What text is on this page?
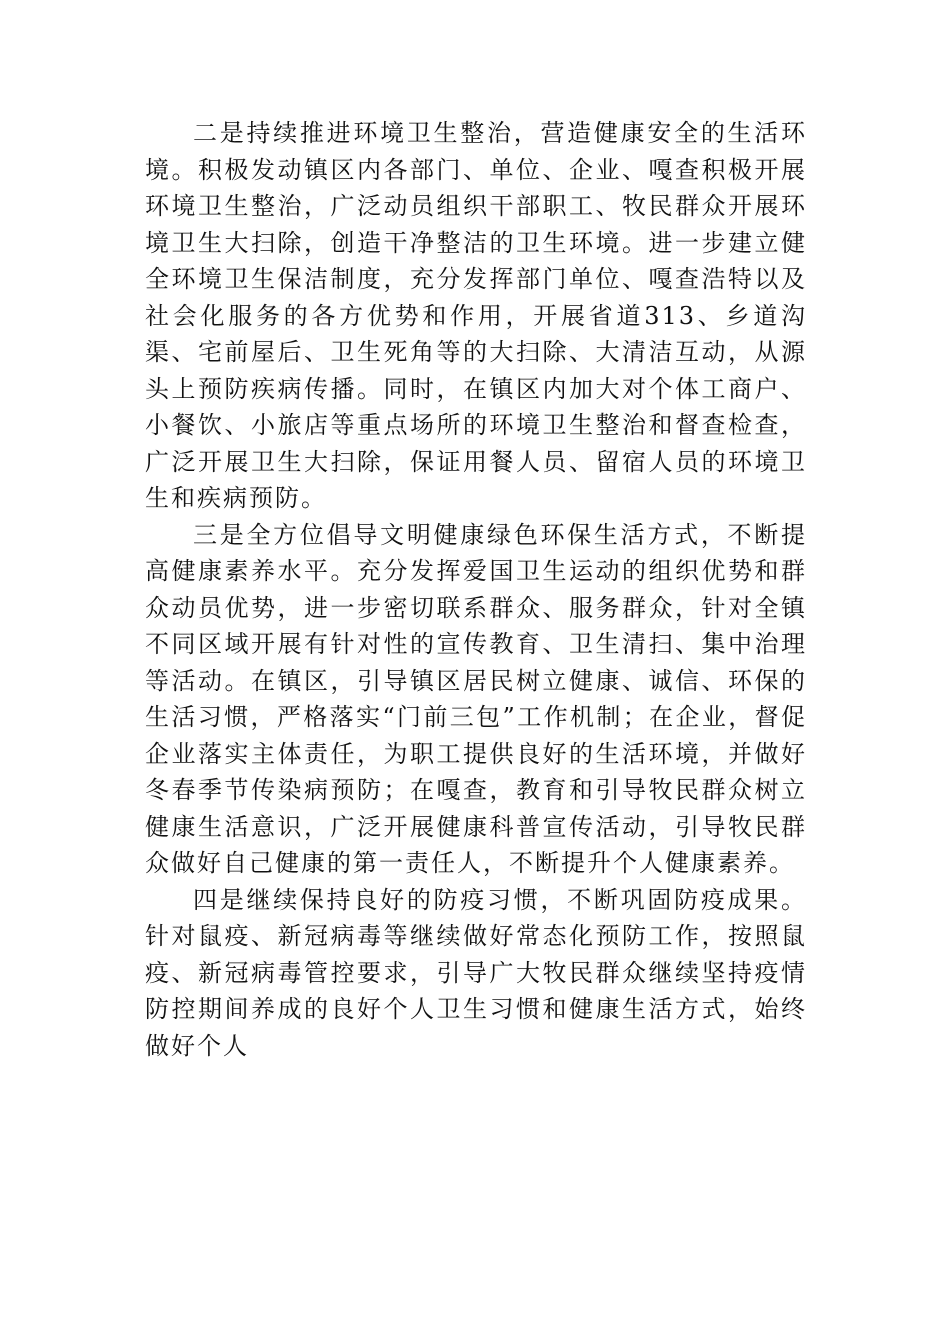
二是持续推进环境卫生整治，营造健康安全的生活环境。积极发动镇区内各部门、单位、企业、嘎查积极开展环境卫生整治，广泛动员组织干部职工、牧民群众开展环境卫生大扫除，创造干净整洁的卫生环境。进一步建立健全环境卫生保洁制度，充分发挥部门单位、嘎查浩特以及社会化服务的各方优势和作用，开展省道313、乡道沟渠、宅前屋后、卫生死角等的大扫除、大清洁互动，从源头上预防疾病传播。同时，在镇区内加大对个体工商户、小餐饮、小旅店等重点场所的环境卫生整治和督查检查，广泛开展卫生大扫除，保证用餐人员、留宿人员的环境卫生和疾病预防。

三是全方位倡导文明健康绿色环保生活方式，不断提高健康素养水平。充分发挥爱国卫生运动的组织优势和群众动员优势，进一步密切联系群众、服务群众，针对全镇不同区域开展有针对性的宣传教育、卫生清扫、集中治理等活动。在镇区，引导镇区居民树立健康、诚信、环保的生活习惯，严格落实“门前三包”工作机制；在企业，督促企业落实主体责任，为职工提供良好的生活环境，并做好冬春季节传染病预防；在嘎查，教育和引导牧民群众树立健康生活意识，广泛开展健康科普宣传活动，引导牧民群众做好自己健康的第一责任人，不断提升个人健康素养。

四是继续保持良好的防疫习惯，不断巩固防疫成果。针对鼠疫、新冠病毒等继续做好常态化预防工作，按照鼠疫、新冠病毒管控要求，引导广大牧民群众继续坚持疫情防控期间养成的良好个人卫生习惯和健康生活方式，始终做好个人
